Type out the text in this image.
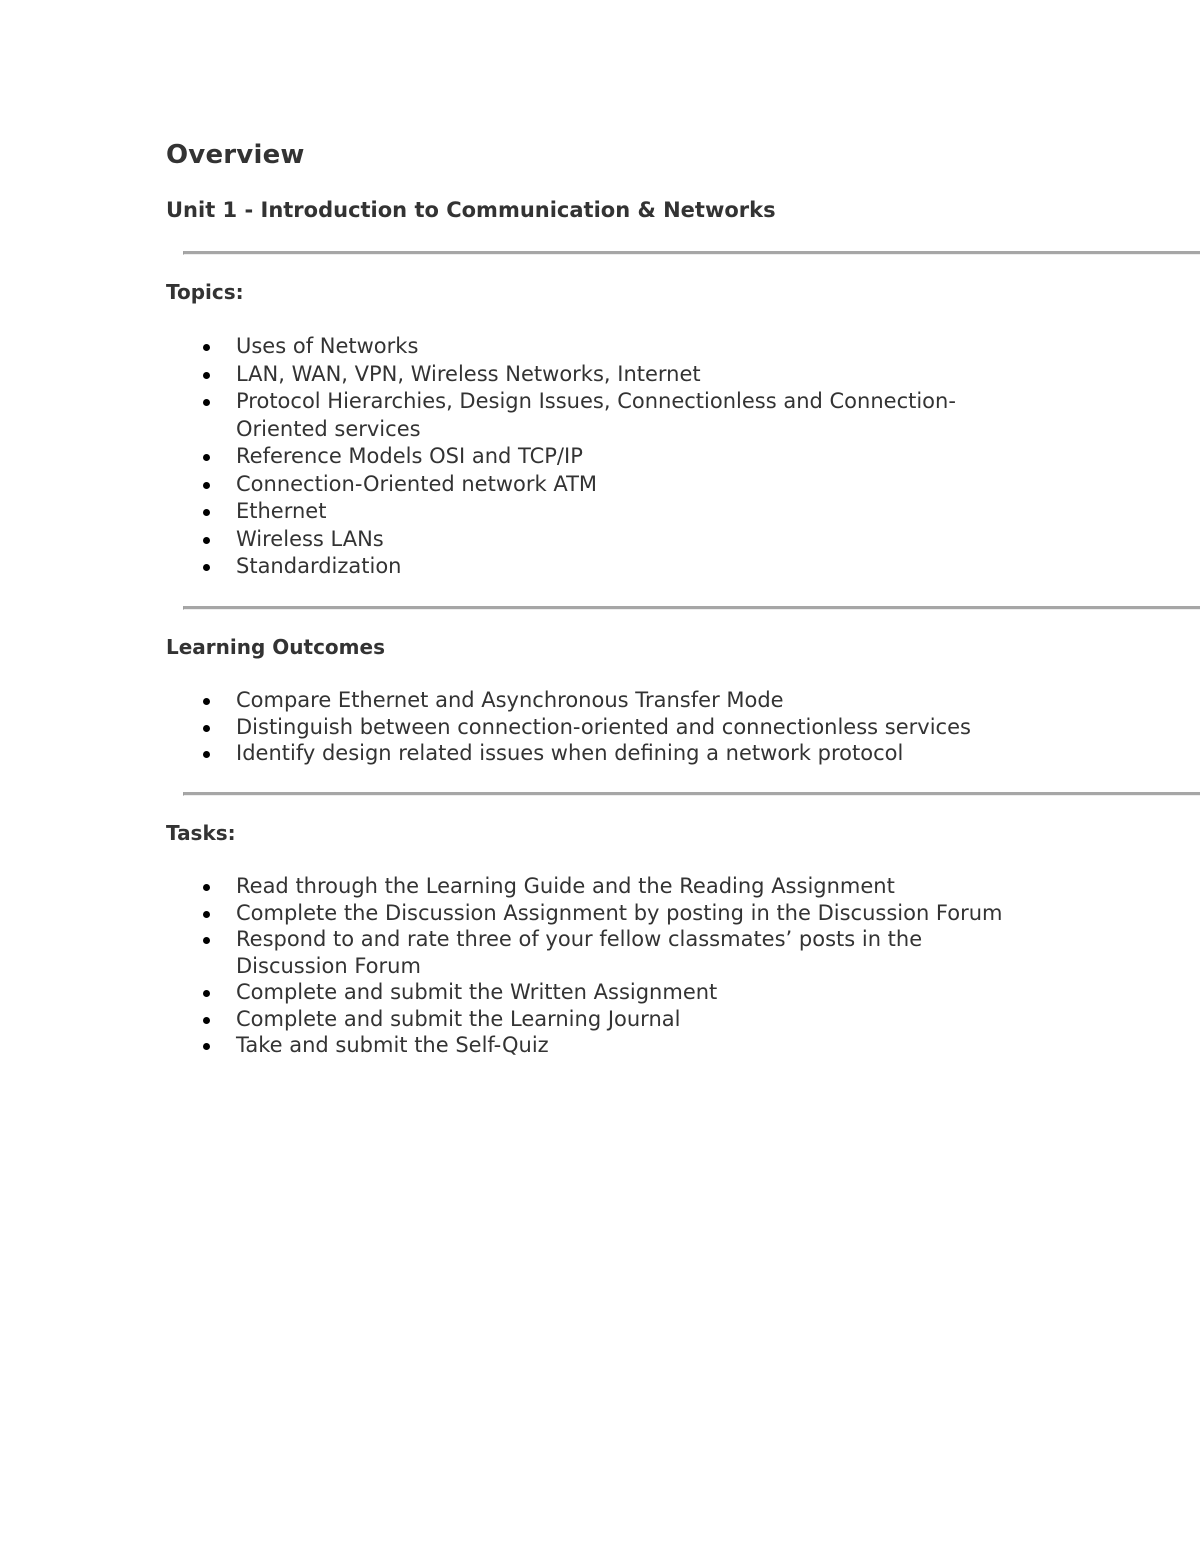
Overview
Unit 1 - Introduction to Communication & Networks
Topics:
Uses of Networks
LAN, WAN, VPN, Wireless Networks, Internet
Protocol Hierarchies, Design Issues, Connectionless and Connection-Oriented services
Reference Models OSI and TCP/IP
Connection-Oriented network ATM
Ethernet
Wireless LANs
Standardization
Learning Outcomes
Compare Ethernet and Asynchronous Transfer Mode
Distinguish between connection-oriented and connectionless services
Identify design related issues when defining a network protocol
Tasks:
Read through the Learning Guide and the Reading Assignment
Complete the Discussion Assignment by posting in the Discussion Forum
Respond to and rate three of your fellow classmates’ posts in the Discussion Forum
Complete and submit the Written Assignment
Complete and submit the Learning Journal
Take and submit the Self-Quiz
